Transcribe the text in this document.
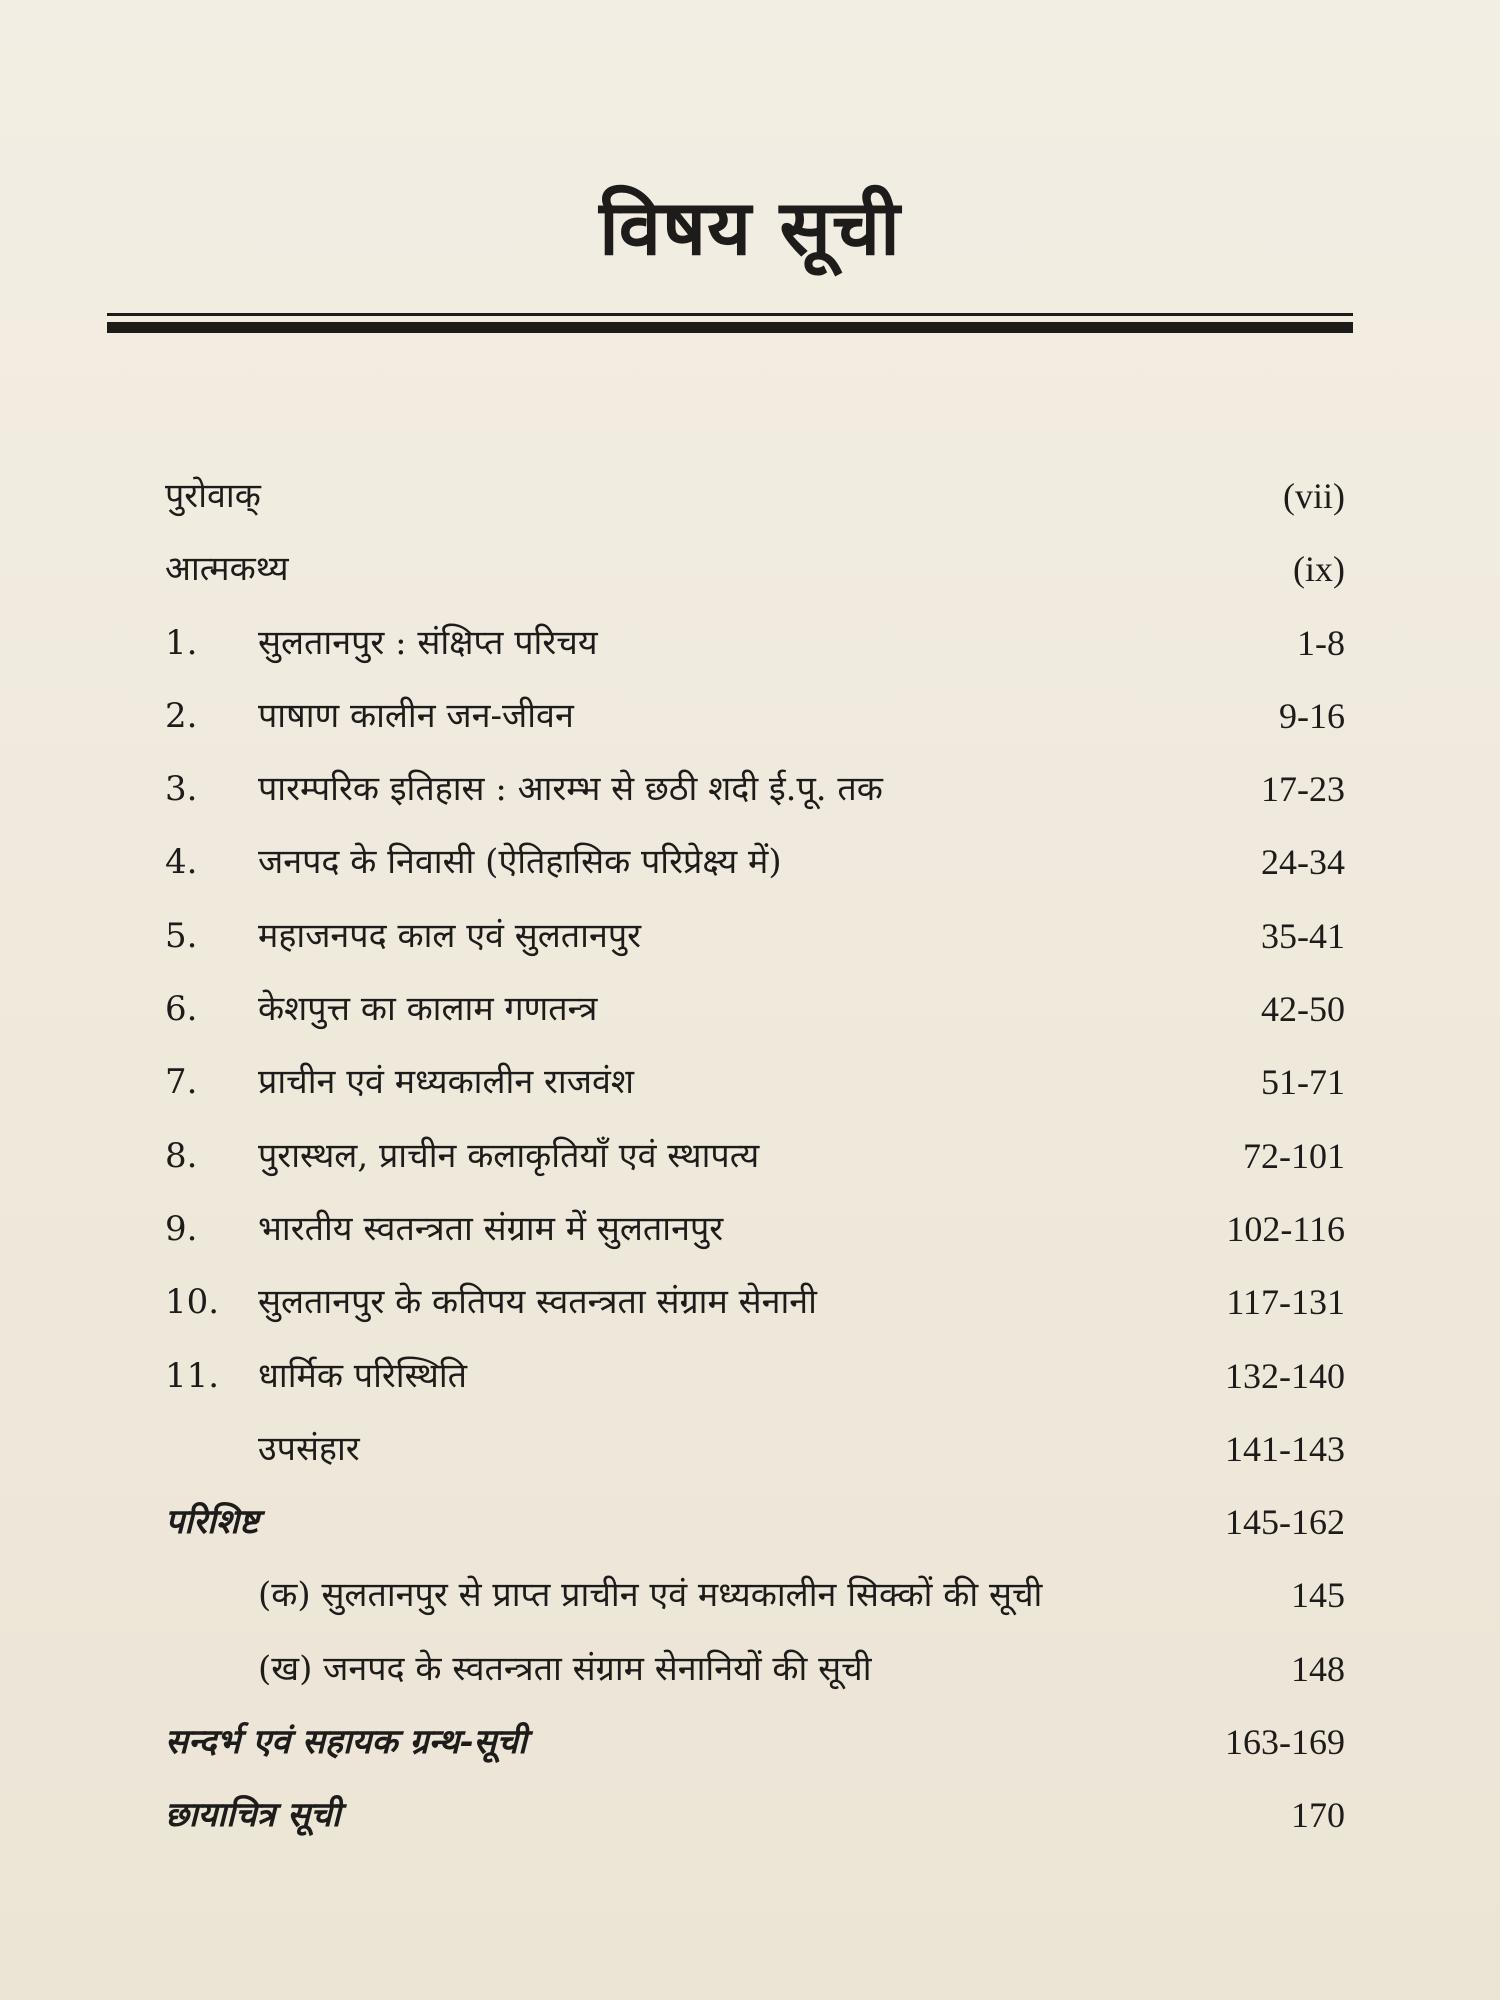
विषय सूची
पुरोवाक्	(vii)
आत्मकथ्य	(ix)
1. सुलतानपुर : संक्षिप्त परिचय	1-8
2. पाषाण कालीन जन-जीवन	9-16
3. पारम्परिक इतिहास : आरम्भ से छठी शदी ई.पू. तक	17-23
4. जनपद के निवासी (ऐतिहासिक परिप्रेक्ष्य में)	24-34
5. महाजनपद काल एवं सुलतानपुर	35-41
6. केशपुत्त का कालाम गणतन्त्र	42-50
7. प्राचीन एवं मध्यकालीन राजवंश	51-71
8. पुरास्थल, प्राचीन कलाकृतियाँ एवं स्थापत्य	72-101
9. भारतीय स्वतन्त्रता संग्राम में सुलतानपुर	102-116
10. सुलतानपुर के कतिपय स्वतन्त्रता संग्राम सेनानी	117-131
11. धार्मिक परिस्थिति	132-140
उपसंहार	141-143
परिशिष्ट	145-162
(क) सुलतानपुर से प्राप्त प्राचीन एवं मध्यकालीन सिक्कों की सूची	145
(ख) जनपद के स्वतन्त्रता संग्राम सेनानियों की सूची	148
सन्दर्भ एवं सहायक ग्रन्थ-सूची	163-169
छायाचित्र सूची	170
